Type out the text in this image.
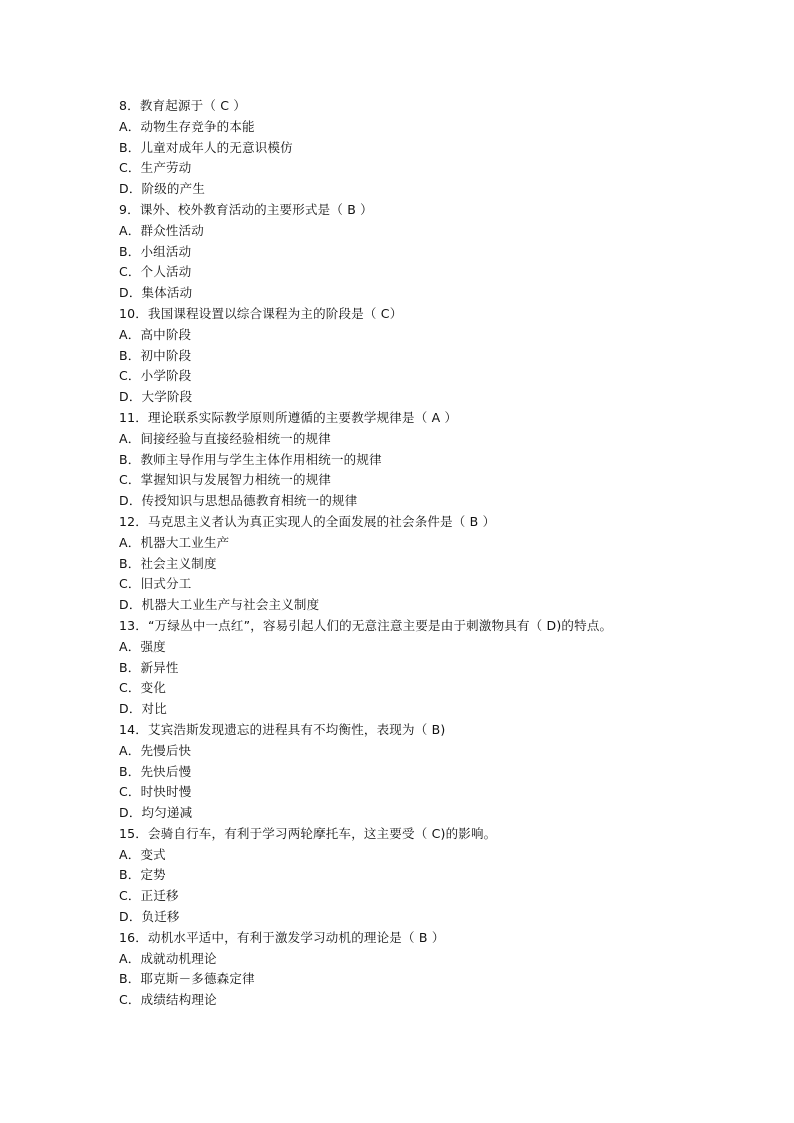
8．教育起源于（ C ）
A．动物生存竞争的本能
B．儿童对成年人的无意识模仿
C．生产劳动
D．阶级的产生
9．课外、校外教育活动的主要形式是（ B ）
A．群众性活动
B．小组活动
C．个人活动
D．集体活动
10．我国课程设置以综合课程为主的阶段是（ C）
A．高中阶段
B．初中阶段
C．小学阶段
D．大学阶段
11．理论联系实际教学原则所遵循的主要教学规律是（ A ）
A．间接经验与直接经验相统一的规律
B．教师主导作用与学生主体作用相统一的规律
C．掌握知识与发展智力相统一的规律
D．传授知识与思想品德教育相统一的规律
12．马克思主义者认为真正实现人的全面发展的社会条件是（ B ）
A．机器大工业生产
B．社会主义制度
C．旧式分工
D．机器大工业生产与社会主义制度
13．“万绿丛中一点红”，容易引起人们的无意注意主要是由于刺激物具有（ D)的特点。
A．强度
B．新异性
C．变化
D．对比
14．艾宾浩斯发现遗忘的进程具有不均衡性，表现为（ B)
A．先慢后快
B．先快后慢
C．时快时慢
D．均匀递减
15．会骑自行车，有利于学习两轮摩托车，这主要受（ C)的影响。
A．变式
B．定势
C．正迁移
D．负迁移
16．动机水平适中，有利于激发学习动机的理论是（ B ）
A．成就动机理论
B．耶克斯－多德森定律
C．成绩结构理论
